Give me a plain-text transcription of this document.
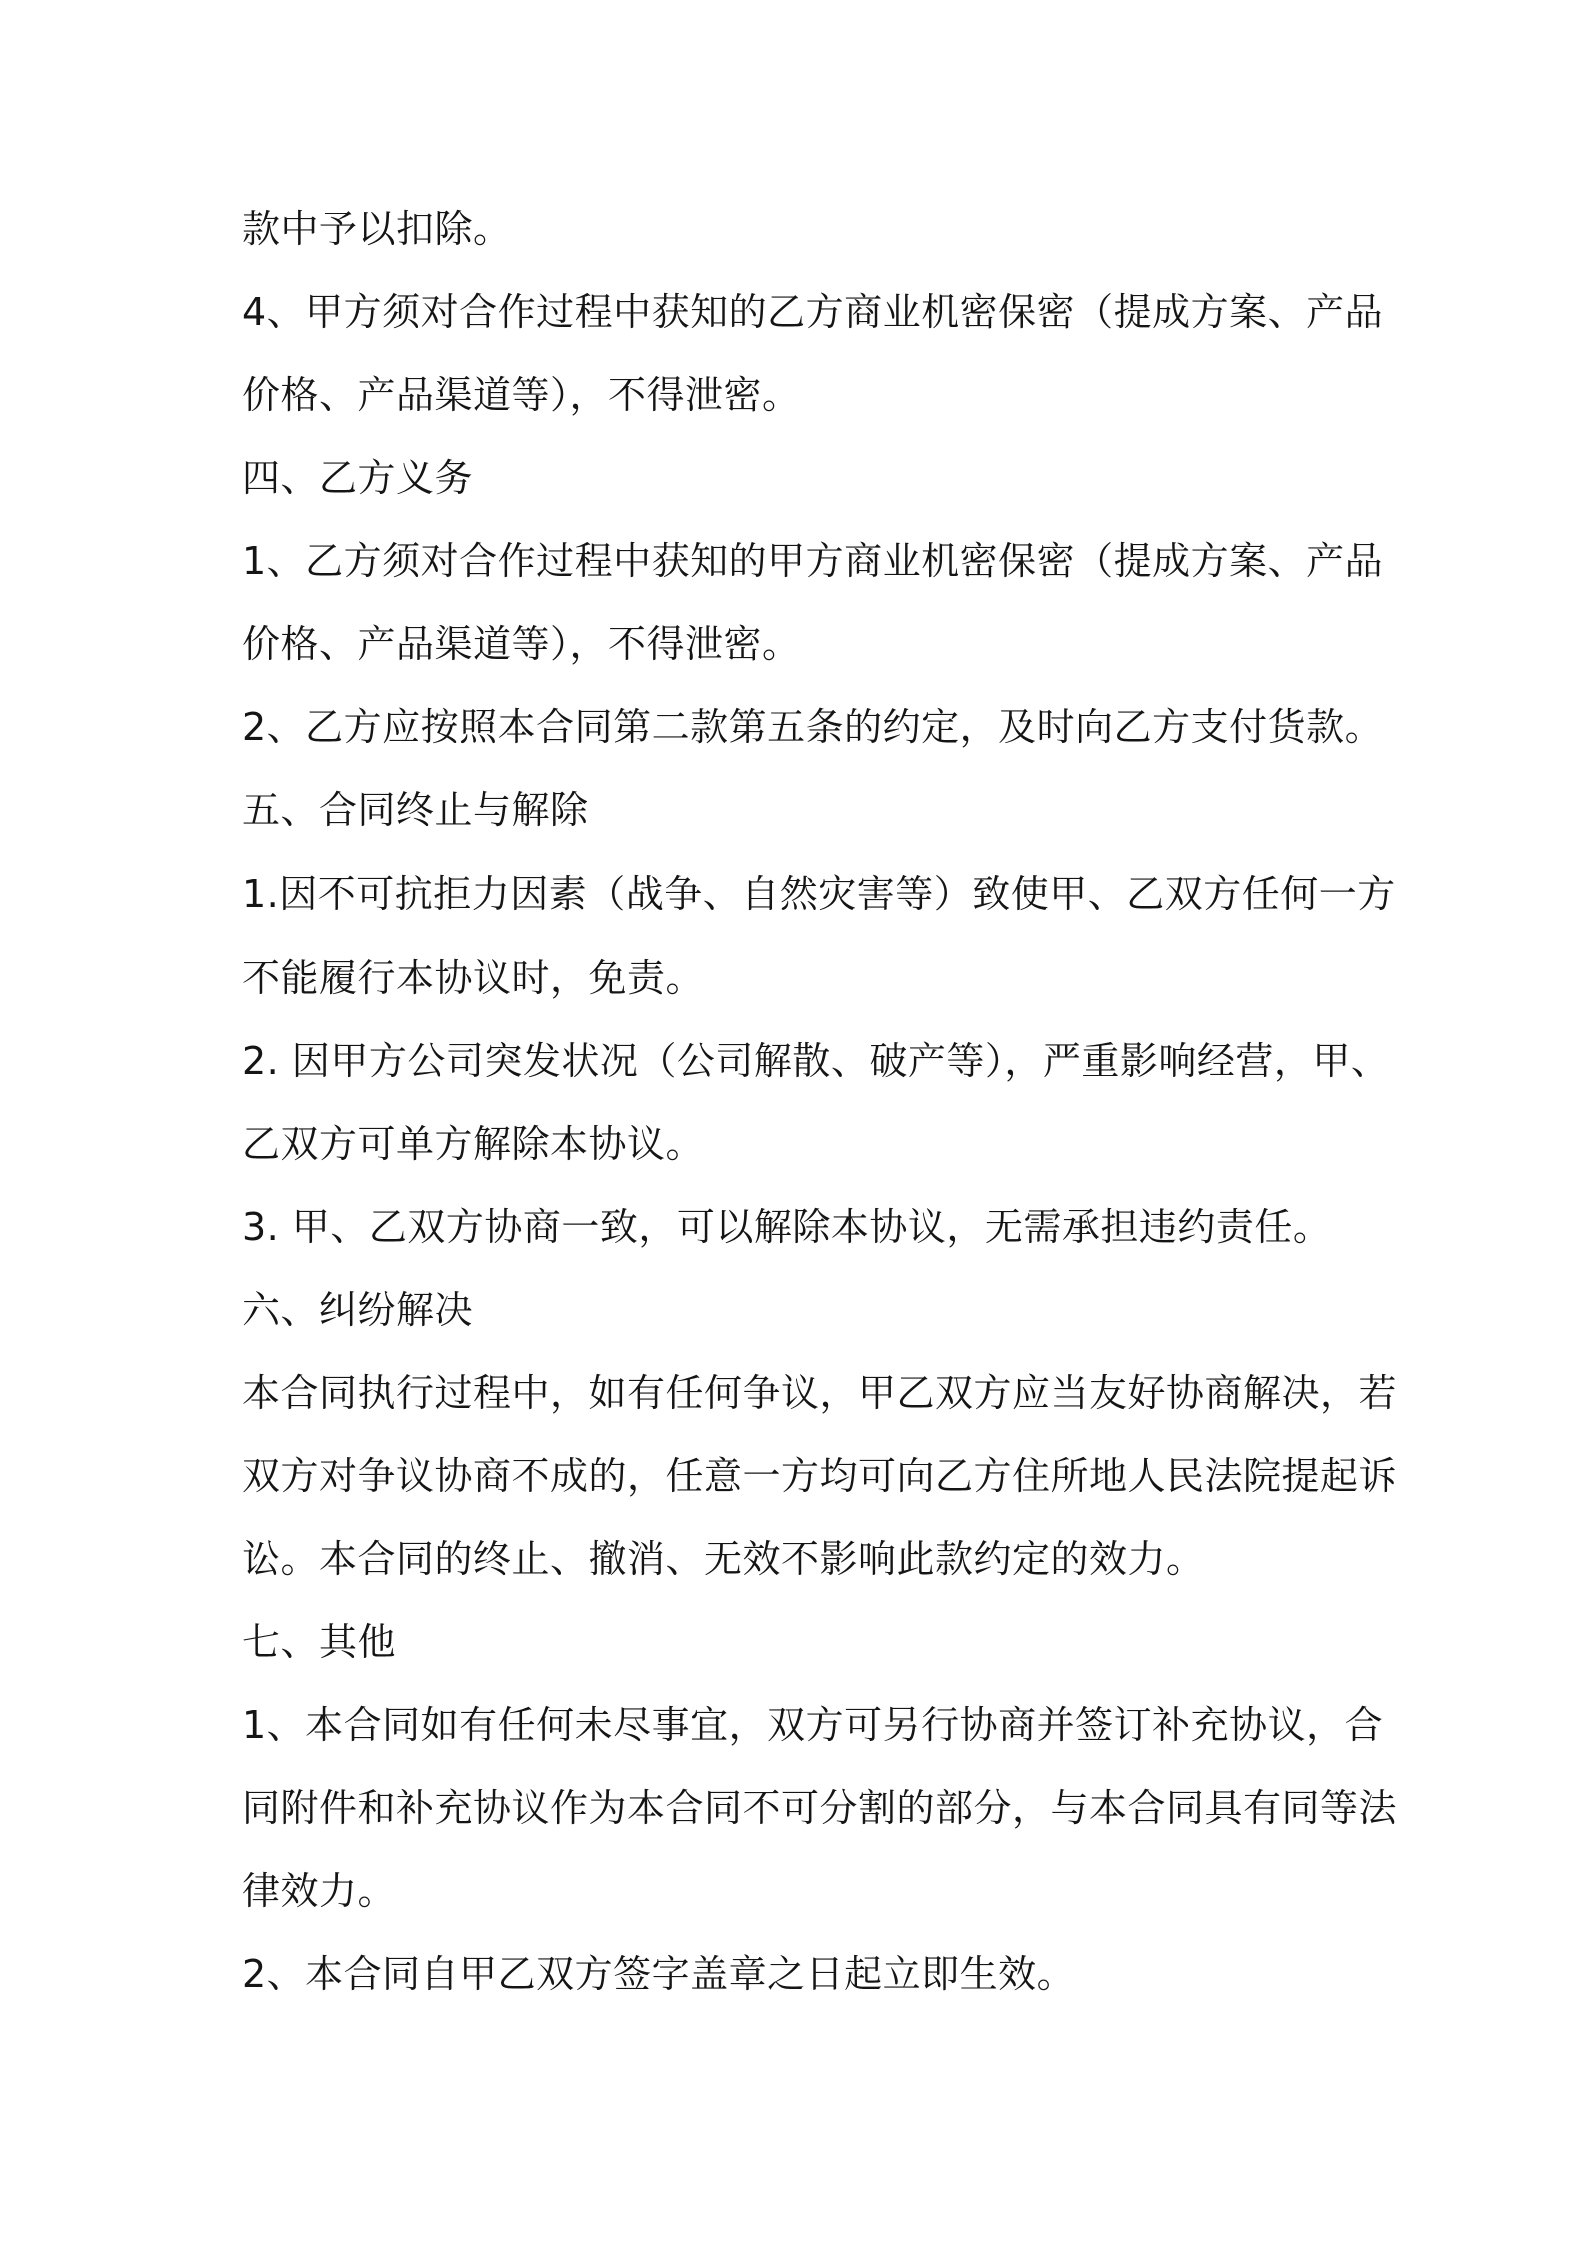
款中予以扣除。
4、甲方须对合作过程中获知的乙方商业机密保密（提成方案、产品
价格、产品渠道等），不得泄密。
四、乙方义务
1、乙方须对合作过程中获知的甲方商业机密保密（提成方案、产品
价格、产品渠道等），不得泄密。
2、乙方应按照本合同第二款第五条的约定，及时向乙方支付货款。
五、合同终止与解除
1.因不可抗拒力因素（战争、自然灾害等）致使甲、乙双方任何一方
不能履行本协议时，免责。
2. 因甲方公司突发状况（公司解散、破产等），严重影响经营，甲、
乙双方可单方解除本协议。
3. 甲、乙双方协商一致，可以解除本协议，无需承担违约责任。
六、纠纷解决
本合同执行过程中，如有任何争议，甲乙双方应当友好协商解决，若
双方对争议协商不成的，任意一方均可向乙方住所地人民法院提起诉
讼。本合同的终止、撤消、无效不影响此款约定的效力。
七、其他
1、本合同如有任何未尽事宜，双方可另行协商并签订补充协议，合
同附件和补充协议作为本合同不可分割的部分，与本合同具有同等法
律效力。
2、本合同自甲乙双方签字盖章之日起立即生效。
